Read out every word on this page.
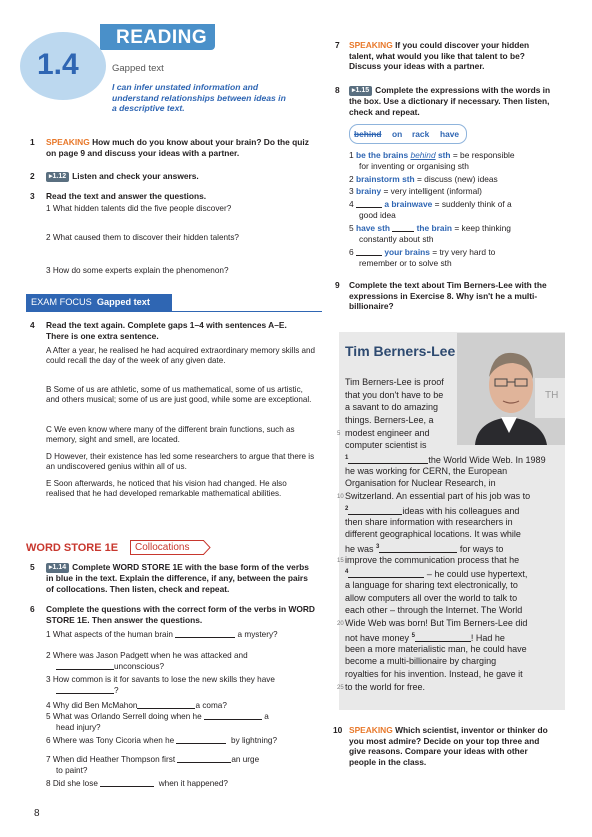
READING
1.4	Gapped text
I can infer unstated information and understand relationships between ideas in a descriptive text.
1 SPEAKING How much do you know about your brain? Do the quiz on page 9 and discuss your ideas with a partner.
2	▸1.12 Listen and check your answers.
3 Read the text and answer the questions.
1 What hidden talents did the five people discover?
2 What caused them to discover their hidden talents?
3 How do some experts explain the phenomenon?
EXAM FOCUS Gapped text
4 Read the text again. Complete gaps 1–4 with sentences A–E. There is one extra sentence.
A After a year, he realised he had acquired extraordinary memory skills and could recall the day of the week of any given date.
B Some of us are athletic, some of us mathematical, some of us artistic, and others musical; some of us are just good, while some are exceptional.
C We even know where many of the different brain functions, such as memory, sight and smell, are located.
D However, their existence has led some researchers to argue that there is an undiscovered genius within all of us.
E Soon afterwards, he noticed that his vision had changed. He also realised that he had developed remarkable mathematical abilities.
WORD STORE 1E	Collocations
5	▸1.14 Complete WORD STORE 1E with the base form of the verbs in blue in the text. Explain the difference, if any, between the pairs of collocations. Then listen, check and repeat.
6 Complete the questions with the correct form of the verbs in WORD STORE 1E. Then answer the questions.
1 What aspects of the human brain	a mystery?
2 Where was Jason Padgett when he was attacked and
unconscious?
3 How common is it for savants to lose the new skills they have
?
4 Why did Ben McMahon	a coma?
5 What was Orlando Serrell doing when he	a
head injury?
6 Where was Tony Cicoria when he	by lightning?
7 When did Heather Thompson first	an urge
to paint?
8 Did she lose	when it happened?
8
7 SPEAKING If you could discover your hidden talent, what would you like that talent to be? Discuss your ideas with a partner.
8	▸1.15 Complete the expressions with the words in the box. Use a dictionary if necessary. Then listen, check and repeat.
behind on rack have
1 be the brains behind sth = be responsible
for inventing or organising sth
2 brainstorm sth = discuss (new) ideas
3 brainy = very intelligent (informal)
4	a brainwave = suddenly think of a
good idea
5 have sth	the brain = keep thinking
constantly about sth
6	your brains = try very hard to
remember or to solve sth
9 Complete the text about Tim Berners-Lee with the expressions in Exercise 8. Why isn't he a multi-billionaire?
Tim Berners-Lee
TH
Tim Berners-Lee is proof
that you don't have to be
a savant to do amazing
things. Berners-Lee, a
modest engineer and
computer scientist is
$^1$	the World Wide Web. In 1989
he was working for CERN, the European
Organisation for Nuclear Research, in
Switzerland. An essential part of his job was to
$^2$	ideas with his colleagues and
then share information with researchers in
different geographical locations. It was while
he was $^3$	for ways to
improve the communication process that he
$^4$	– he could use hypertext,
a language for sharing text electronically, to
allow computers all over the world to talk to
each other – through the Internet. The World
Wide Web was born! But Tim Berners-Lee did
not have money $^5$	! Had he
been a more materialistic man, he could have
become a multi-billionaire by charging
royalties for his invention. Instead, he gave it
to the world for free.
5
10
15
20
25
10 SPEAKING Which scientist, inventor or thinker do you most admire? Decide on your top three and give reasons. Compare your ideas with other people in the class.
